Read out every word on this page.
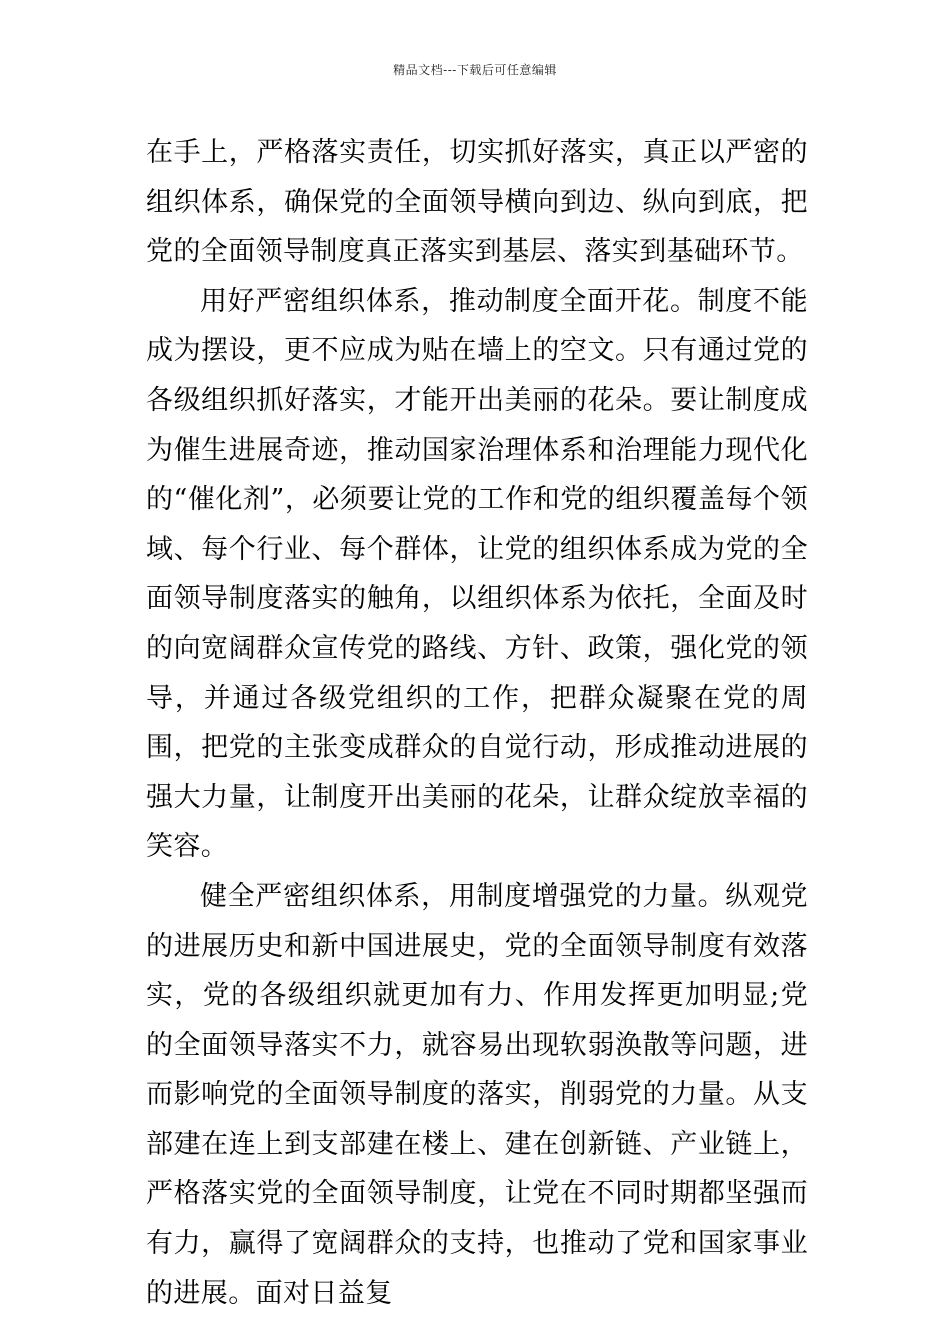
精品文档---下载后可任意编辑

在手上，严格落实责任，切实抓好落实，真正以严密的组织体系，确保党的全面领导横向到边、纵向到底，把党的全面领导制度真正落实到基层、落实到基础环节。

用好严密组织体系，推动制度全面开花。制度不能成为摆设，更不应成为贴在墙上的空文。只有通过党的各级组织抓好落实，才能开出美丽的花朵。要让制度成为催生进展奇迹，推动国家治理体系和治理能力现代化的“催化剂”，必须要让党的工作和党的组织覆盖每个领域、每个行业、每个群体，让党的组织体系成为党的全面领导制度落实的触角，以组织体系为依托，全面及时的向宽阔群众宣传党的路线、方针、政策，强化党的领导，并通过各级党组织的工作，把群众凝聚在党的周围，把党的主张变成群众的自觉行动，形成推动进展的强大力量，让制度开出美丽的花朵，让群众绽放幸福的笑容。

健全严密组织体系，用制度增强党的力量。纵观党的进展历史和新中国进展史，党的全面领导制度有效落实，党的各级组织就更加有力、作用发挥更加明显;党的全面领导落实不力，就容易出现软弱涣散等问题，进而影响党的全面领导制度的落实，削弱党的力量。从支部建在连上到支部建在楼上、建在创新链、产业链上，严格落实党的全面领导制度，让党在不同时期都坚强而有力，赢得了宽阔群众的支持，也推动了党和国家事业的进展。面对日益复
